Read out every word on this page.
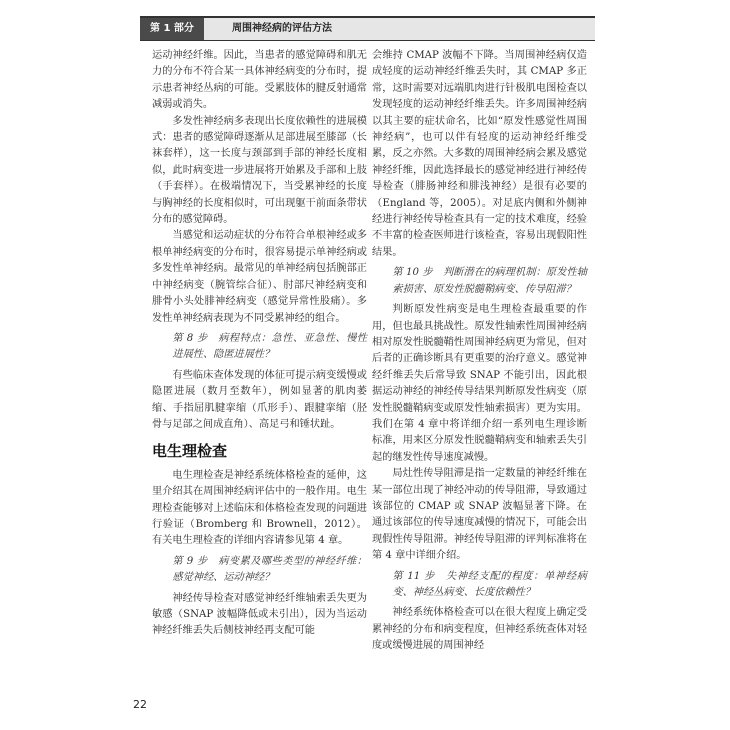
第 1 部分	周围神经病的评估方法

运动神经纤维。因此，当患者的感觉障碍和肌无力的分布不符合某一具体神经病变的分布时，提示患者神经丛病的可能。受累肢体的腱反射通常减弱或消失。

多发性神经病多表现出长度依赖性的进展模式：患者的感觉障碍逐渐从足部进展至膝部（长袜套样），这一长度与颈部到手部的神经长度相似，此时病变进一步进展将开始累及手部和上肢（手套样）。在极端情况下，当受累神经的长度与胸神经的长度相似时，可出现躯干前面条带状分布的感觉障碍。

当感觉和运动症状的分布符合单根神经或多根单神经病变的分布时，很容易提示单神经病或多发性单神经病。最常见的单神经病包括腕部正中神经病变（腕管综合征）、肘部尺神经病变和腓骨小头处腓神经病变（感觉异常性股痛）。多发性单神经病表现为不同受累神经的组合。

第 8 步　病程特点：急性、亚急性、慢性进展性、隐匿进展性？

有些临床查体发现的体征可提示病变缓慢或隐匿进展（数月至数年），例如显著的肌肉萎缩、手指屈肌腱挛缩（爪形手）、跟腱挛缩（胫骨与足部之间成直角）、高足弓和锤状趾。

电生理检查

电生理检查是神经系统体格检查的延伸，这里介绍其在周围神经病评估中的一般作用。电生理检查能够对上述临床和体格检查发现的问题进行验证（Bromberg 和 Brownell，2012）。有关电生理检查的详细内容请参见第 4 章。

第 9 步　病变累及哪些类型的神经纤维：感觉神经、运动神经？

神经传导检查对感觉神经纤维轴索丢失更为敏感（SNAP 波幅降低或未引出），因为当运动神经纤维丢失后侧枝神经再支配可能

会维持 CMAP 波幅不下降。当周围神经病仅造成轻度的运动神经纤维丢失时，其 CMAP 多正常，这时需要对远端肌肉进行针极肌电图检查以发现轻度的运动神经纤维丢失。许多周围神经病以其主要的症状命名，比如“原发性感觉性周围神经病”，也可以伴有轻度的运动神经纤维受累，反之亦然。大多数的周围神经病会累及感觉神经纤维，因此选择最长的感觉神经进行神经传导检查（腓肠神经和腓浅神经）是很有必要的（England 等，2005）。对足底内侧和外侧神经进行神经传导检查具有一定的技术难度，经验不丰富的检查医师进行该检查，容易出现假阳性结果。

第 10 步　判断潜在的病理机制：原发性轴索损害、原发性脱髓鞘病变、传导阻滞？

判断原发性病变是电生理检查最重要的作用，但也最具挑战性。原发性轴索性周围神经病相对原发性脱髓鞘性周围神经病更为常见，但对后者的正确诊断具有更重要的治疗意义。感觉神经纤维丢失后常导致 SNAP 不能引出，因此根据运动神经的神经传导结果判断原发性病变（原发性脱髓鞘病变或原发性轴索损害）更为实用。我们在第 4 章中将详细介绍一系列电生理诊断标准，用来区分原发性脱髓鞘病变和轴索丢失引起的继发性传导速度减慢。

局灶性传导阻滞是指一定数量的神经纤维在某一部位出现了神经冲动的传导阻滞，导致通过该部位的 CMAP 或 SNAP 波幅显著下降。在通过该部位的传导速度减慢的情况下，可能会出现假性传导阻滞。神经传导阻滞的评判标准将在第 4 章中详细介绍。

第 11 步　失神经支配的程度：单神经病变、神经丛病变、长度依赖性？

神经系统体格检查可以在很大程度上确定受累神经的分布和病变程度，但神经系统查体对轻度或缓慢进展的周围神经

22
